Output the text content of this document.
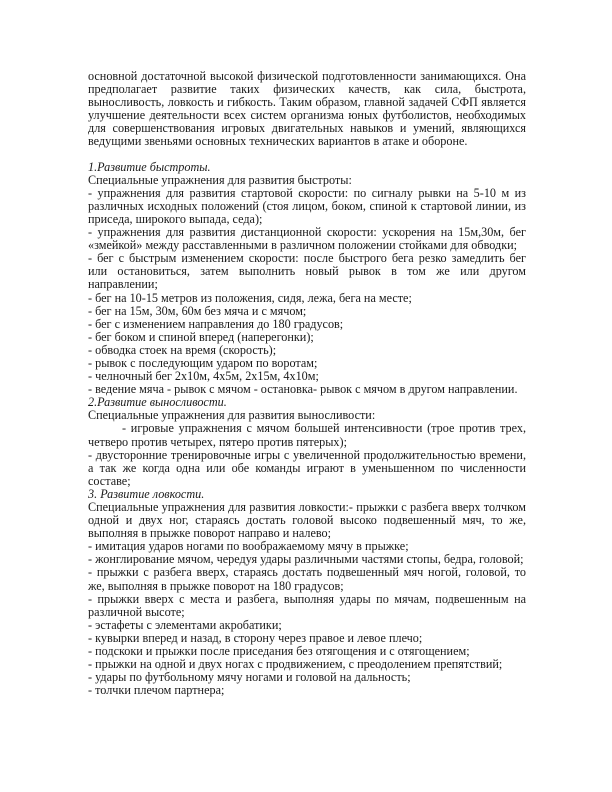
основной достаточной высокой физической подготовленности занимающихся. Она предполагает развитие таких физических качеств, как сила, быстрота, выносливость, ловкость и гибкость. Таким образом, главной задачей СФП является улучшение деятельности всех систем организма юных футболистов, необходимых для совершенствования игровых двигательных навыков и умений, являющихся ведущими звеньями основных технических вариантов в атаке и обороне.

1.Развитие быстроты.

Специальные упражнения для развития быстроты:

- упражнения для развития стартовой скорости: по сигналу рывки на 5-10 м из различных исходных положений (стоя лицом, боком, спиной к стартовой линии, из приседа, широкого выпада, седа);

- упражнения для развития дистанционной скорости: ускорения на 15м,30м, бег «змейкой» между расставленными в различном положении стойками для обводки;

- бег с быстрым изменением скорости: после быстрого бега резко замедлить бег или остановиться, затем выполнить новый рывок в том же или другом направлении;

- бег на 10-15 метров из положения, сидя, лежа, бега на месте;

- бег на 15м, 30м, 60м без мяча и с мячом;

- бег с изменением направления до 180 градусов;

- бег боком и спиной вперед (наперегонки);

- обводка стоек на время (скорость);

- рывок с последующим ударом по воротам;

- челночный бег 2х10м, 4х5м, 2х15м, 4х10м;

- ведение мяча - рывок с мячом - остановка- рывок с мячом в другом направлении.

2.Развитие выносливости.

Специальные упражнения для развития выносливости:

- игровые упражнения с мячом большей интенсивности (трое против трех, четверо против четырех, пятеро против пятерых);

- двусторонние тренировочные игры с увеличенной продолжительностью времени, а так же когда одна или обе команды играют в уменьшенном по численности составе;

3. Развитие ловкости.

Специальные упражнения для развития ловкости:- прыжки с разбега вверх толчком одной и двух ног, стараясь достать головой высоко подвешенный мяч, то же, выполняя в прыжке поворот направо и налево;

- имитация ударов ногами по воображаемому мячу в прыжке;

- жонглирование мячом, чередуя удары различными частями стопы, бедра, головой;

- прыжки с разбега вверх, стараясь достать подвешенный мяч ногой, головой, то же, выполняя в прыжке поворот на 180 градусов;

- прыжки вверх с места и разбега, выполняя удары по мячам, подвешенным на различной высоте;

- эстафеты с элементами акробатики;

- кувырки вперед и назад, в сторону через правое и левое плечо;

- подскоки и прыжки после приседания без отягощения и с отягощением;

- прыжки на одной и двух ногах с продвижением, с преодолением препятствий;

- удары по футбольному мячу ногами и головой на дальность;

- толчки плечом партнера;
